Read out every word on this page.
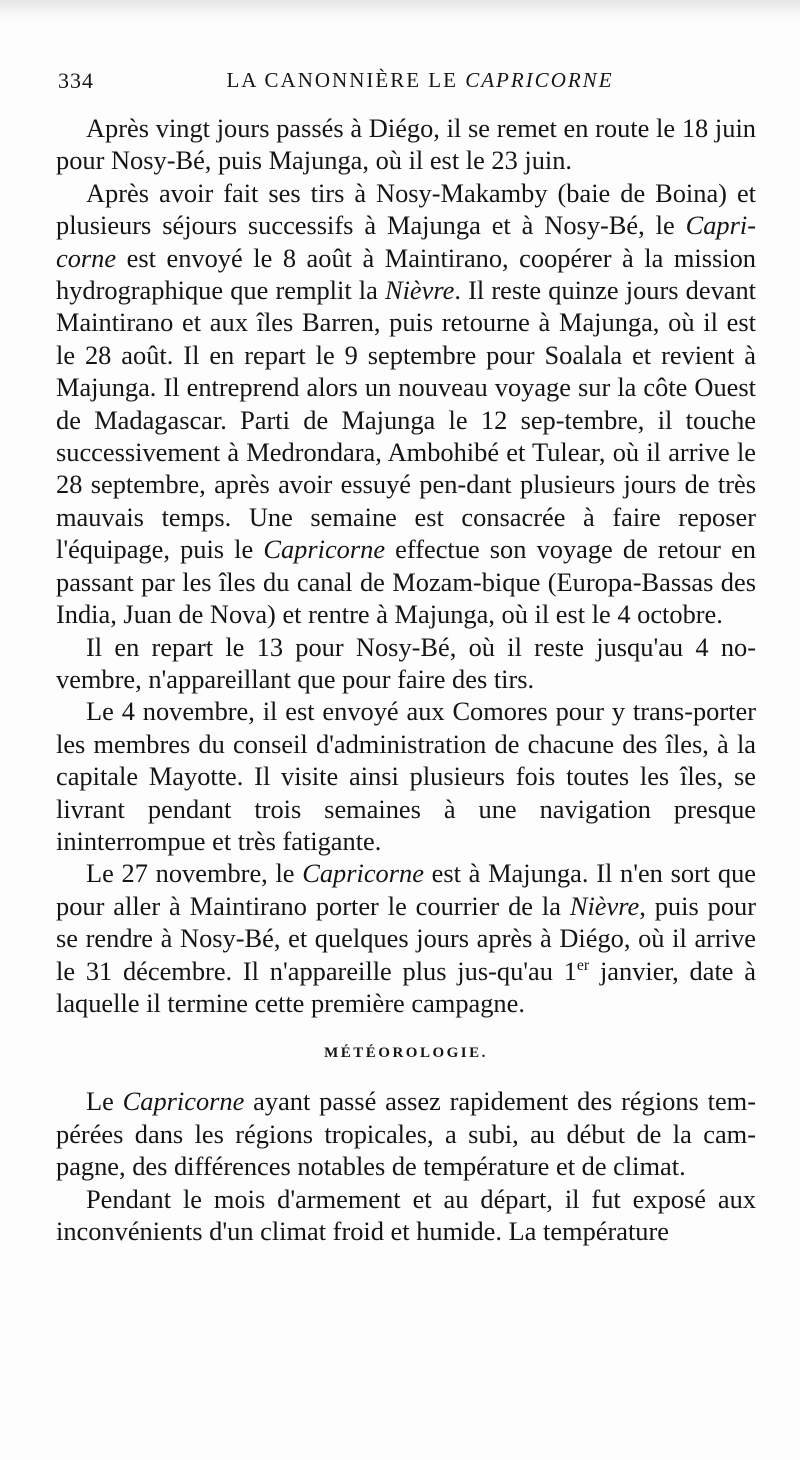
334	LA CANONNIÈRE LE CAPRICORNE

Après vingt jours passés à Diégo, il se remet en route le 18 juin pour Nosy-Bé, puis Majunga, où il est le 23 juin.

Après avoir fait ses tirs à Nosy-Makamby (baie de Boina) et plusieurs séjours successifs à Majunga et à Nosy-Bé, le Capri-corne est envoyé le 8 août à Maintirano, coopérer à la mission hydrographique que remplit la Nièvre. Il reste quinze jours devant Maintirano et aux îles Barren, puis retourne à Majunga, où il est le 28 août. Il en repart le 9 septembre pour Soalala et revient à Majunga. Il entreprend alors un nouveau voyage sur la côte Ouest de Madagascar. Parti de Majunga le 12 sep-tembre, il touche successivement à Medrondara, Ambohibé et Tulear, où il arrive le 28 septembre, après avoir essuyé pen-dant plusieurs jours de très mauvais temps. Une semaine est consacrée à faire reposer l'équipage, puis le Capricorne effectue son voyage de retour en passant par les îles du canal de Mozam-bique (Europa-Bassas des India, Juan de Nova) et rentre à Majunga, où il est le 4 octobre.

Il en repart le 13 pour Nosy-Bé, où il reste jusqu'au 4 no-vembre, n'appareillant que pour faire des tirs.

Le 4 novembre, il est envoyé aux Comores pour y trans-porter les membres du conseil d'administration de chacune des îles, à la capitale Mayotte. Il visite ainsi plusieurs fois toutes les îles, se livrant pendant trois semaines à une navigation presque ininterrompue et très fatigante.

Le 27 novembre, le Capricorne est à Majunga. Il n'en sort que pour aller à Maintirano porter le courrier de la Nièvre, puis pour se rendre à Nosy-Bé, et quelques jours après à Diégo, où il arrive le 31 décembre. Il n'appareille plus jus-qu'au 1er janvier, date à laquelle il termine cette première campagne.

MÉTÉOROLOGIE.

Le Capricorne ayant passé assez rapidement des régions tem-pérées dans les régions tropicales, a subi, au début de la cam-pagne, des différences notables de température et de climat.

Pendant le mois d'armement et au départ, il fut exposé aux inconvénients d'un climat froid et humide. La température
